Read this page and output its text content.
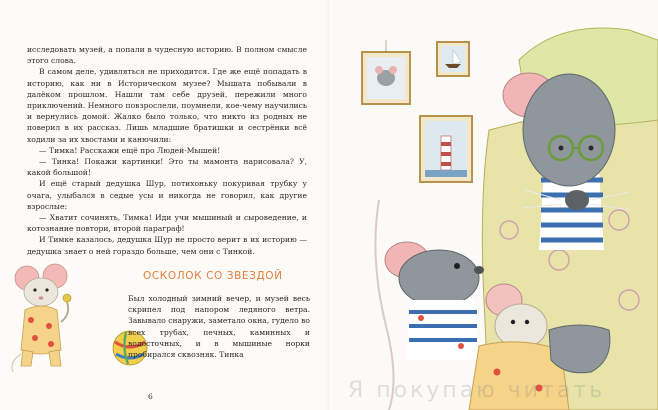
исследовать музей, а попали в чудесную историю. В полном смысле этого слова.

В самом деле, удивляться не приходится. Где же ещё попадать в историю, как ни в Историческом музее? Мышата побывали в далёком прошлом. Нашли там себе друзей, пережили много приключений. Немного повзрослели, поумнели, кое-чему научились и вернулись домой. Жалко было только, что никто из родных не поверил в их рассказ. Лишь младшие братишки и сестрёнки всё ходили за их хвостами и канючили:

— Тимка! Расскажи ещё про Людей-Мышей!

— Тинка! Покажи картинки! Это ты мамонта нарисовала? У, какой большой!

И ещё старый дедушка Шур, потихоньку покуривая трубку у очага, улыбался в седые усы и никогда не говорил, как другие взрослые:

— Хватит сочинять, Тимка! Иди учи мышиный и сыроведение, и котознание повтори, второй параграф!

И Тимке казалось, дедушка Шур не просто верит в их историю — дедушка знает о ней гораздо больше, чем они с Тинкой.

ОСКОЛОК СО ЗВЕЗДОЙ

Был холодный зимний вечер, и музей весь скрипел под напором ледяного ветра. Завывало снаружи, заметало окна, гудело во всех трубах, печных, каминных и водосточных, и в мышиные норки пробирался сквозняк. Тинка

6	Я покупаю читать
